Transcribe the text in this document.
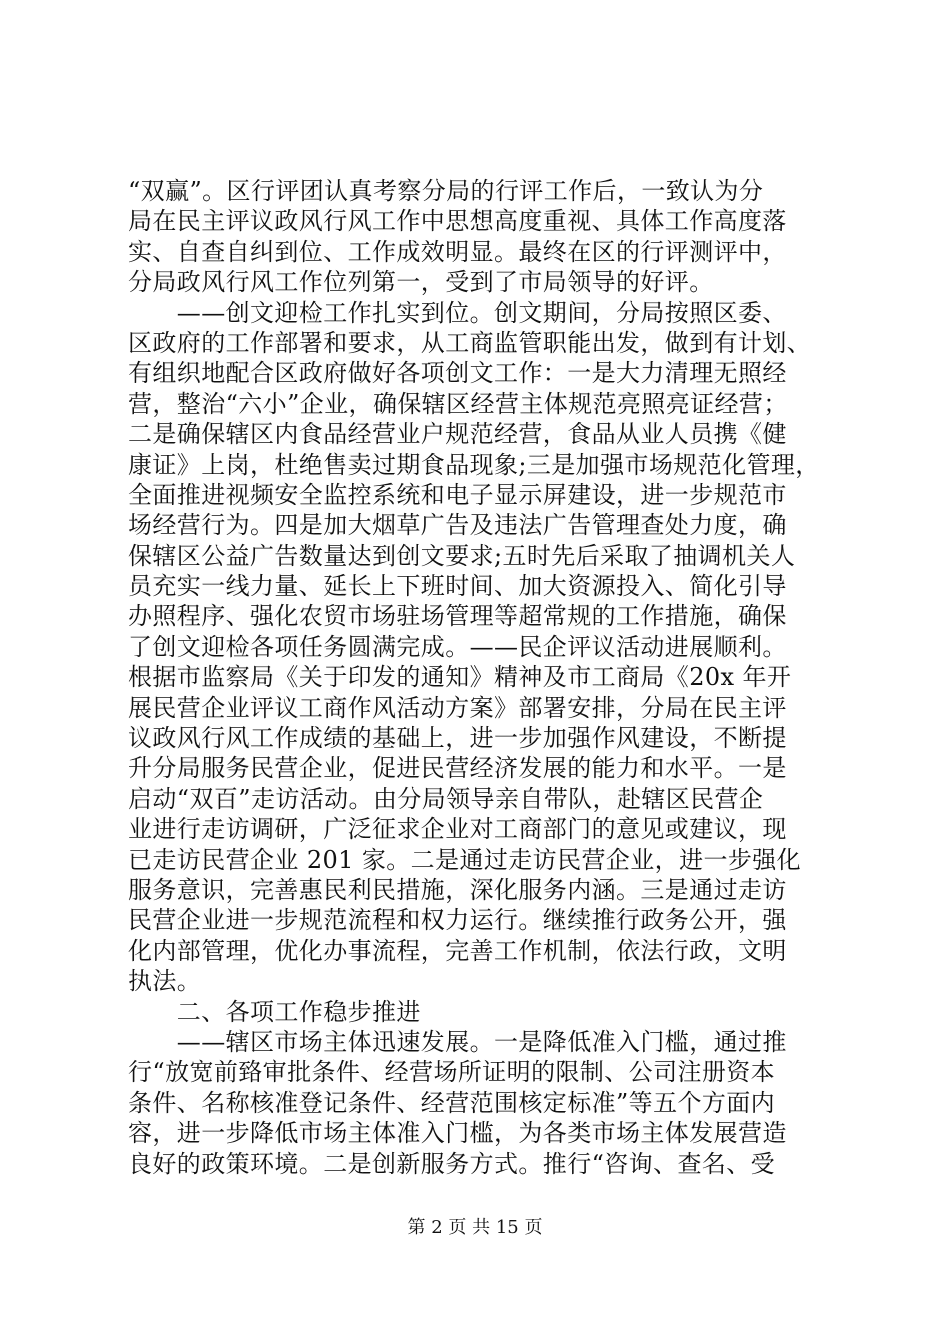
“双赢”。区行评团认真考察分局的行评工作后，一致认为分
局在民主评议政风行风工作中思想高度重视、具体工作高度落
实、自查自纠到位、工作成效明显。最终在区的行评测评中，
分局政风行风工作位列第一，受到了市局领导的好评。
　　——创文迎检工作扎实到位。创文期间，分局按照区委、
区政府的工作部署和要求，从工商监管职能出发，做到有计划、
有组织地配合区政府做好各项创文工作：一是大力清理无照经
营，整治“六小”企业，确保辖区经营主体规范亮照亮证经营；
二是确保辖区内食品经营业户规范经营，食品从业人员携《健
康证》上岗，杜绝售卖过期食品现象;三是加强市场规范化管理，
全面推进视频安全监控系统和电子显示屏建设，进一步规范市
场经营行为。四是加大烟草广告及违法广告管理查处力度，确
保辖区公益广告数量达到创文要求;五时先后采取了抽调机关人
员充实一线力量、延长上下班时间、加大资源投入、简化引导
办照程序、强化农贸市场驻场管理等超常规的工作措施，确保
了创文迎检各项任务圆满完成。——民企评议活动进展顺利。
根据市监察局《关于印发的通知》精神及市工商局《20x 年开
展民营企业评议工商作风活动方案》部署安排，分局在民主评
议政风行风工作成绩的基础上，进一步加强作风建设，不断提
升分局服务民营企业，促进民营经济发展的能力和水平。一是
启动“双百”走访活动。由分局领导亲自带队，赴辖区民营企
业进行走访调研，广泛征求企业对工商部门的意见或建议，现
已走访民营企业 201 家。二是通过走访民营企业，进一步强化
服务意识，完善惠民利民措施，深化服务内涵。三是通过走访
民营企业进一步规范流程和权力运行。继续推行政务公开，强
化内部管理，优化办事流程，完善工作机制，依法行政，文明
执法。
　　二、各项工作稳步推进
　　——辖区市场主体迅速发展。一是降低准入门槛，通过推
行“放宽前臵审批条件、经营场所证明的限制、公司注册资本
条件、名称核准登记条件、经营范围核定标准”等五个方面内
容，进一步降低市场主体准入门槛，为各类市场主体发展营造
良好的政策环境。二是创新服务方式。推行“咨询、查名、受
第 2 页 共 15 页
